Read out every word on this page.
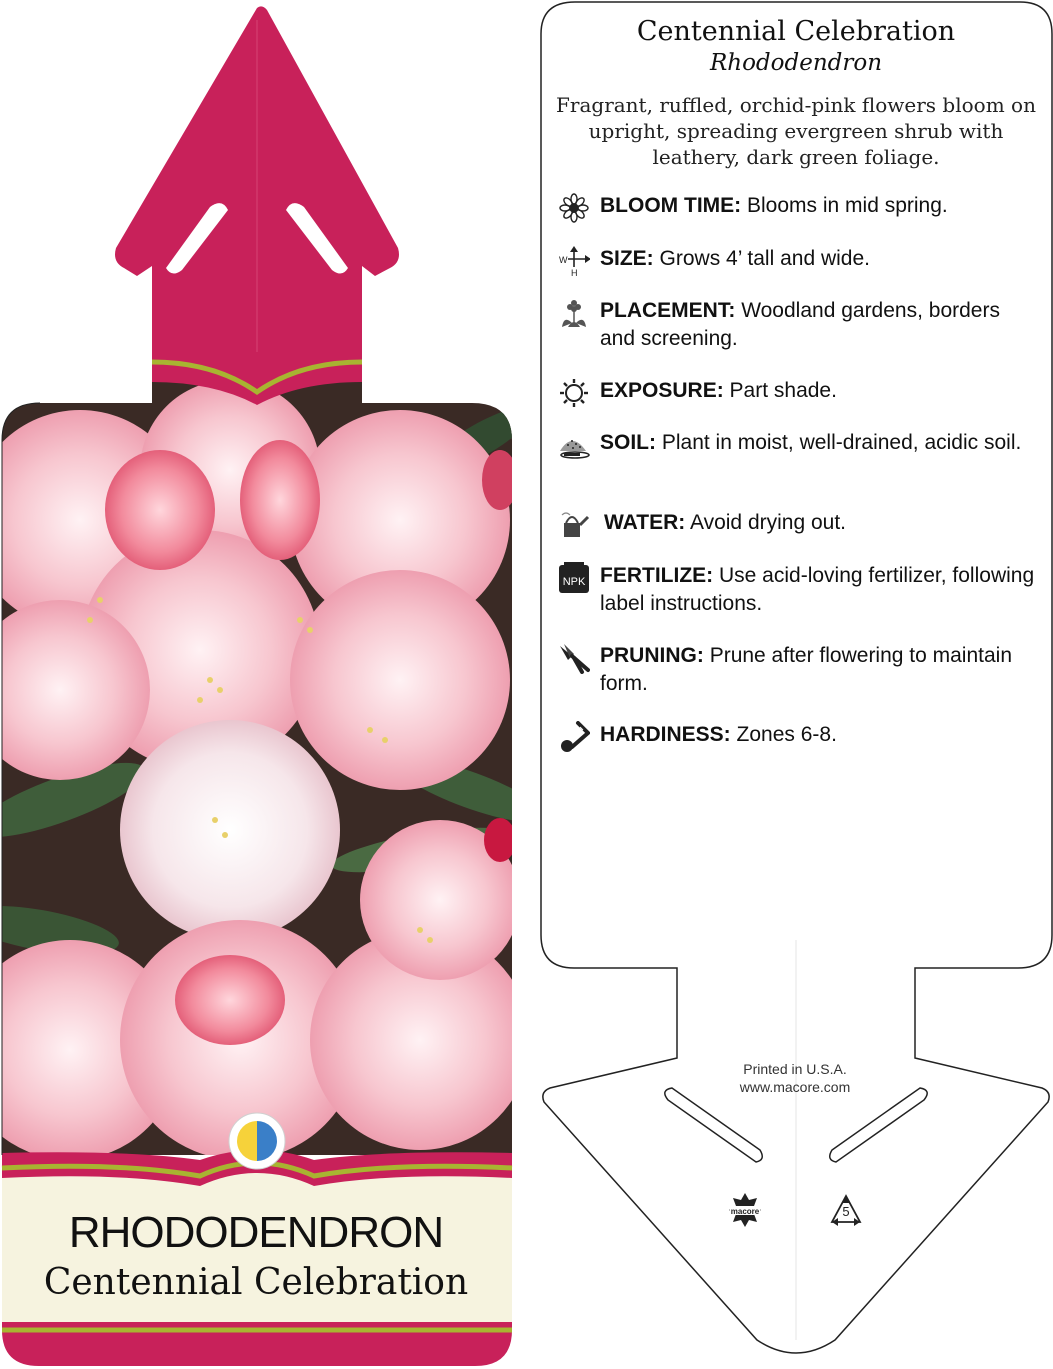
macore	5
RHODODENDRON
Centennial Celebration
Centennial Celebration
Rhododendron
Fragrant, ruffled, orchid-pink flowers bloom on upright, spreading evergreen shrub with leathery, dark green foliage.
BLOOM TIME: Blooms in mid spring.
W
H
SIZE: Grows 4’ tall and wide.
PLACEMENT: Woodland gardens, borders and screening.
EXPOSURE: Part shade.
SOIL: Plant in moist, well-drained, acidic soil.
WATER: Avoid drying out.
NPK FERTILIZE: Use acid-loving fertilizer, following label instructions.
PRUNING: Prune after flowering to maintain form.
HARDINESS: Zones 6-8.
Printed in U.S.A.
www.macore.com
